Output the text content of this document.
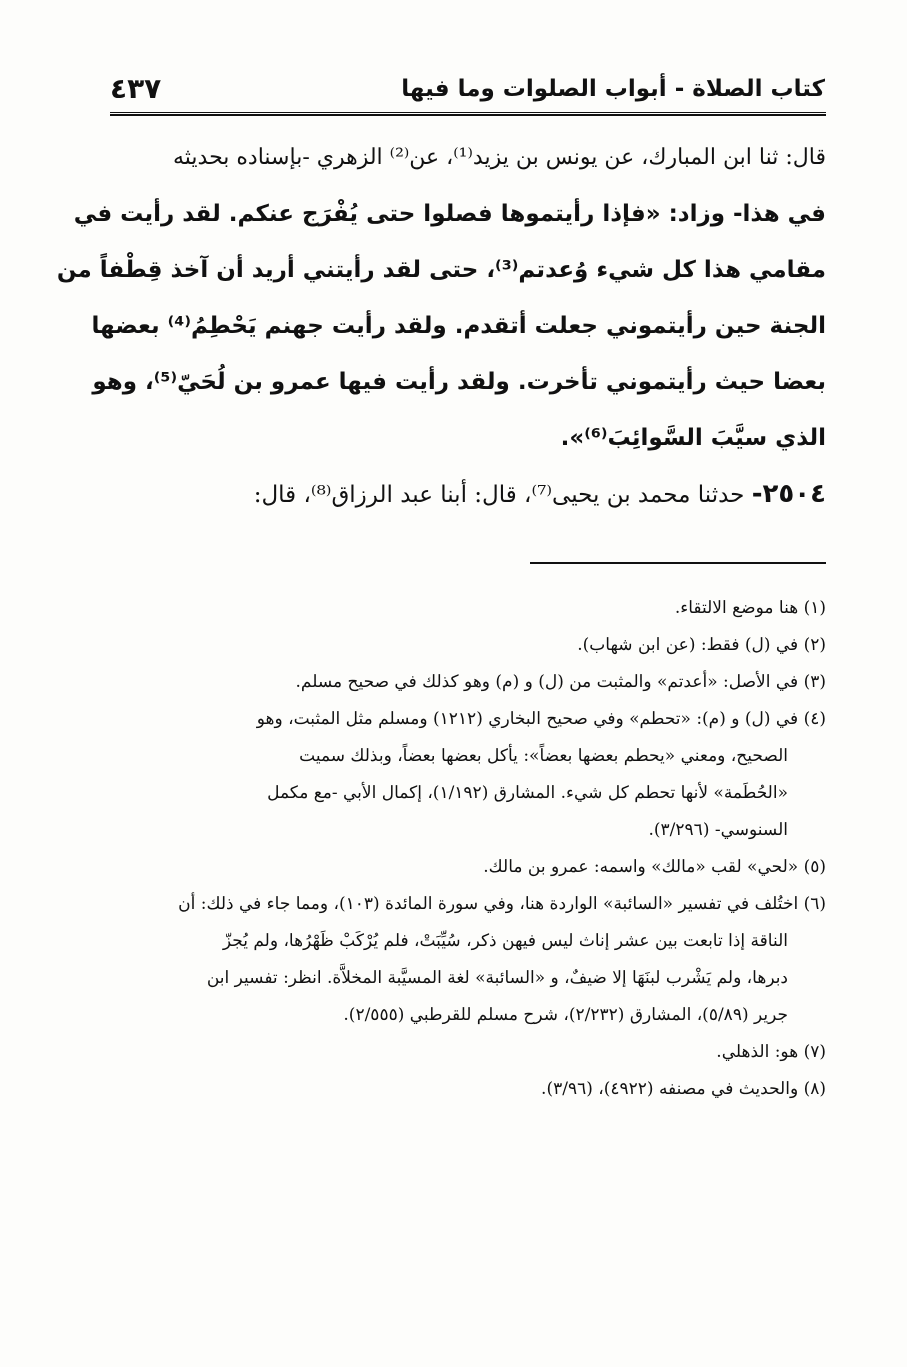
كتاب الصلاة - أبواب الصلوات وما فيها
٤٣٧
قال: ثنا ابن المبارك، عن يونس بن يزيد⁽¹⁾، عن⁽²⁾ الزهري -بإسناده بحديثه
في هذا- وزاد: «فإذا رأيتموها فصلوا حتى يُفْرَج عنكم. لقد رأيت في
مقامي هذا كل شيء وُعدتم⁽³⁾، حتى لقد رأيتني أريد أن آخذ قِطْفاً من
الجنة حين رأيتموني جعلت أتقدم. ولقد رأيت جهنم يَحْطِمُ⁽⁴⁾ بعضها
بعضا حيث رأيتموني تأخرت. ولقد رأيت فيها عمرو بن لُحَيّ⁽⁵⁾، وهو
الذي سيَّبَ السَّوائِبَ⁽⁶⁾».
٢٥٠٤- حدثنا محمد بن يحيى⁽⁷⁾، قال: أبنا عبد الرزاق⁽⁸⁾، قال:
(١) هنا موضع الالتقاء.
(٢) في (ل) فقط: (عن ابن شهاب).
(٣) في الأصل: «أعدتم» والمثبت من (ل) و (م) وهو كذلك في صحيح مسلم.
(٤) في (ل) و (م): «تحطم» وفي صحيح البخاري (١٢١٢) ومسلم مثل المثبت، وهو
الصحيح، ومعني «يحطم بعضها بعضاً»: يأكل بعضها بعضاً، وبذلك سميت
«الحُطَمة» لأنها تحطم كل شيء. المشارق (١/١٩٢)، إكمال الأبي -مع مكمل
السنوسي- (٣/٢٩٦).
(٥) «لحي» لقب «مالك» واسمه: عمرو بن مالك.
(٦) اختُلف في تفسير «السائبة» الواردة هنا، وفي سورة المائدة (١٠٣)، ومما جاء في ذلك: أن
الناقة إذا تابعت بين عشر إناث ليس فيهن ذكر، سُيِّبَتْ، فلم يُرْكَبْ ظَهْرُها، ولم يُجزّ
دبرها، ولم يَشْرب لبنَهَا إلا ضيفٌ، و «السائبة» لغة المسيَّبة المخلاَّة. انظر: تفسير ابن
جرير (٥/٨٩)، المشارق (٢/٢٣٢)، شرح مسلم للقرطبي (٢/٥٥٥).
(٧) هو: الذهلي.
(٨) والحديث في مصنفه (٤٩٢٢)، (٣/٩٦).
